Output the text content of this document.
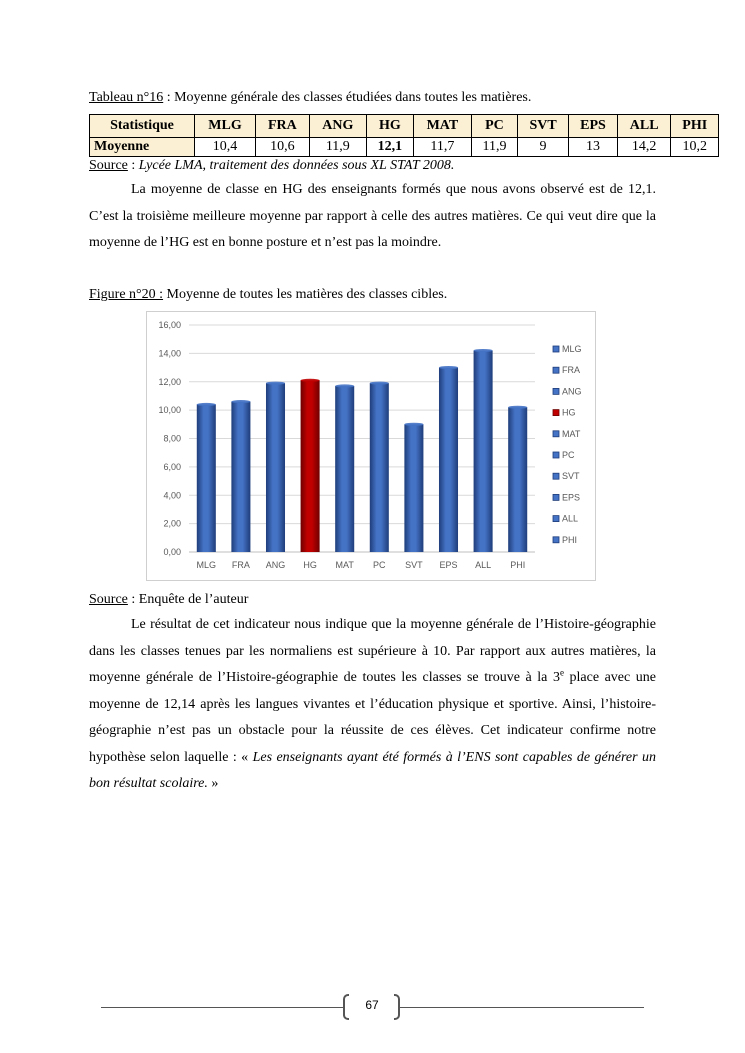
Tableau n°16 : Moyenne générale des classes étudiées dans toutes les matières.
Statistique	MLG	FRA	ANG	HG	MAT	PC	SVT	EPS	ALL	PHI
Moyenne	10,4	10,6	11,9	12,1	11,7	11,9	9	13	14,2	10,2
Source : Lycée LMA, traitement des données sous XL STAT 2008.

La moyenne de classe en HG des enseignants formés que nous avons observé est de 12,1. C’est la troisième meilleure moyenne par rapport à celle des autres matières. Ce qui veut dire que la moyenne de l’HG est en bonne posture et n’est pas la moindre.

Figure n°20 : Moyenne de toutes les matières des classes cibles.
0,00
2,00
4,00
6,00
8,00
10,00
12,00
14,00
16,00
MLG FRA ANG HG MAT PC SVT EPS ALL PHI
MLG
FRA
ANG
HG
MAT
PC
SVT
EPS
ALL
PHI
Source : Enquête de l’auteur

Le résultat de cet indicateur nous indique que la moyenne générale de l’Histoire-géographie dans les classes tenues par les normaliens est supérieure à 10. Par rapport aux autres matières, la moyenne générale de l’Histoire-géographie de toutes les classes se trouve à la 3e place avec une moyenne de 12,14 après les langues vivantes et l’éducation physique et sportive. Ainsi, l’histoire-géographie n’est pas un obstacle pour la réussite de ces élèves. Cet indicateur confirme notre hypothèse selon laquelle : « Les enseignants ayant été formés à l’ENS sont capables de générer un bon résultat scolaire. »

67
